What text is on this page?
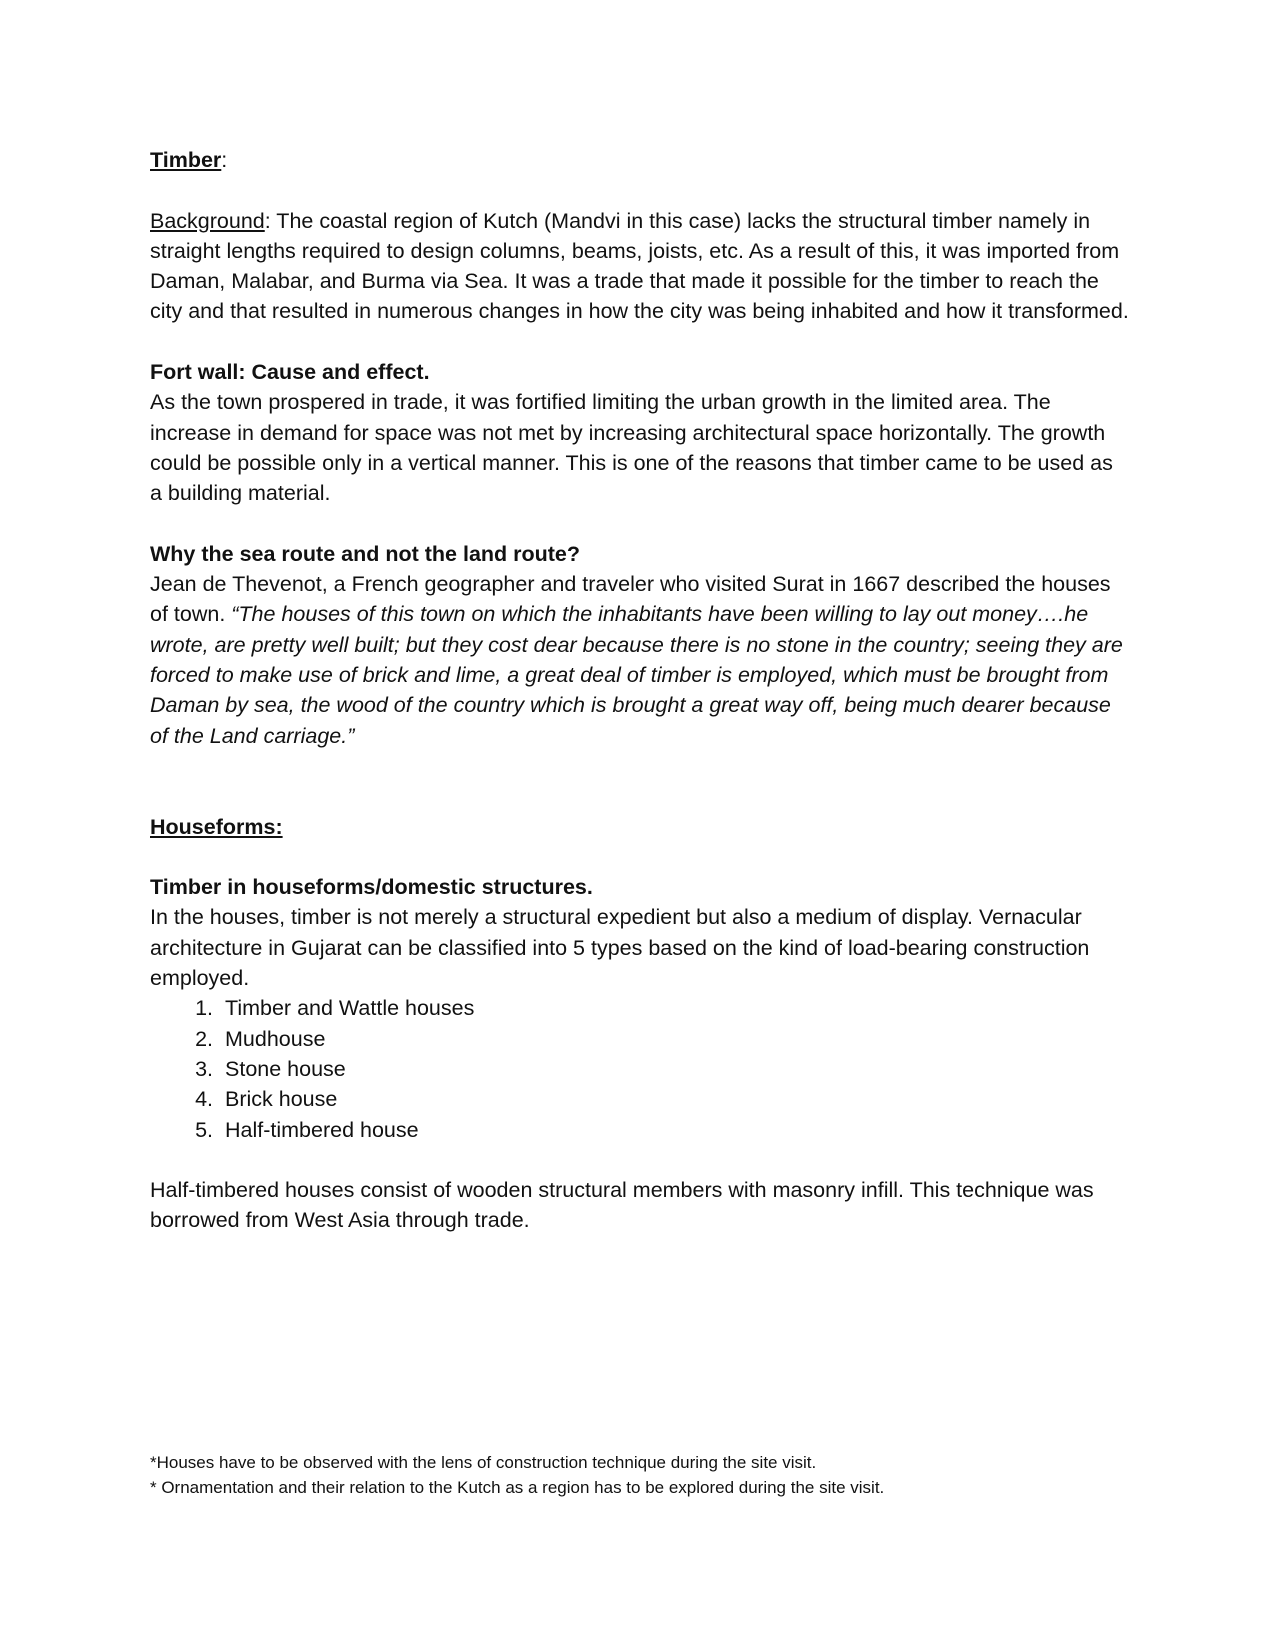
Timber:

Background: The coastal region of Kutch (Mandvi in this case) lacks the structural timber namely in straight lengths required to design columns, beams, joists, etc. As a result of this, it was imported from Daman, Malabar, and Burma via Sea. It was a trade that made it possible for the timber to reach the city and that resulted in numerous changes in how the city was being inhabited and how it transformed.

Fort wall: Cause and effect.

As the town prospered in trade, it was fortified limiting the urban growth in the limited area. The increase in demand for space was not met by increasing architectural space horizontally. The growth could be possible only in a vertical manner. This is one of the reasons that timber came to be used as a building material.

Why the sea route and not the land route?

Jean de Thevenot, a French geographer and traveler who visited Surat in 1667 described the houses of town. “The houses of this town on which the inhabitants have been willing to lay out money….he wrote, are pretty well built; but they cost dear because there is no stone in the country; seeing they are forced to make use of brick and lime, a great deal of timber is employed, which must be brought from Daman by sea, the wood of the country which is brought a great way off, being much dearer because of the Land carriage.”

Houseforms:

Timber in houseforms/domestic structures.

In the houses, timber is not merely a structural expedient but also a medium of display. Vernacular architecture in Gujarat can be classified into 5 types based on the kind of load-bearing construction employed.

1. Timber and Wattle houses
2. Mudhouse
3. Stone house
4. Brick house
5. Half-timbered house

Half-timbered houses consist of wooden structural members with masonry infill. This technique was borrowed from West Asia through trade.

*Houses have to be observed with the lens of construction technique during the site visit.

* Ornamentation and their relation to the Kutch as a region has to be explored during the site visit.
